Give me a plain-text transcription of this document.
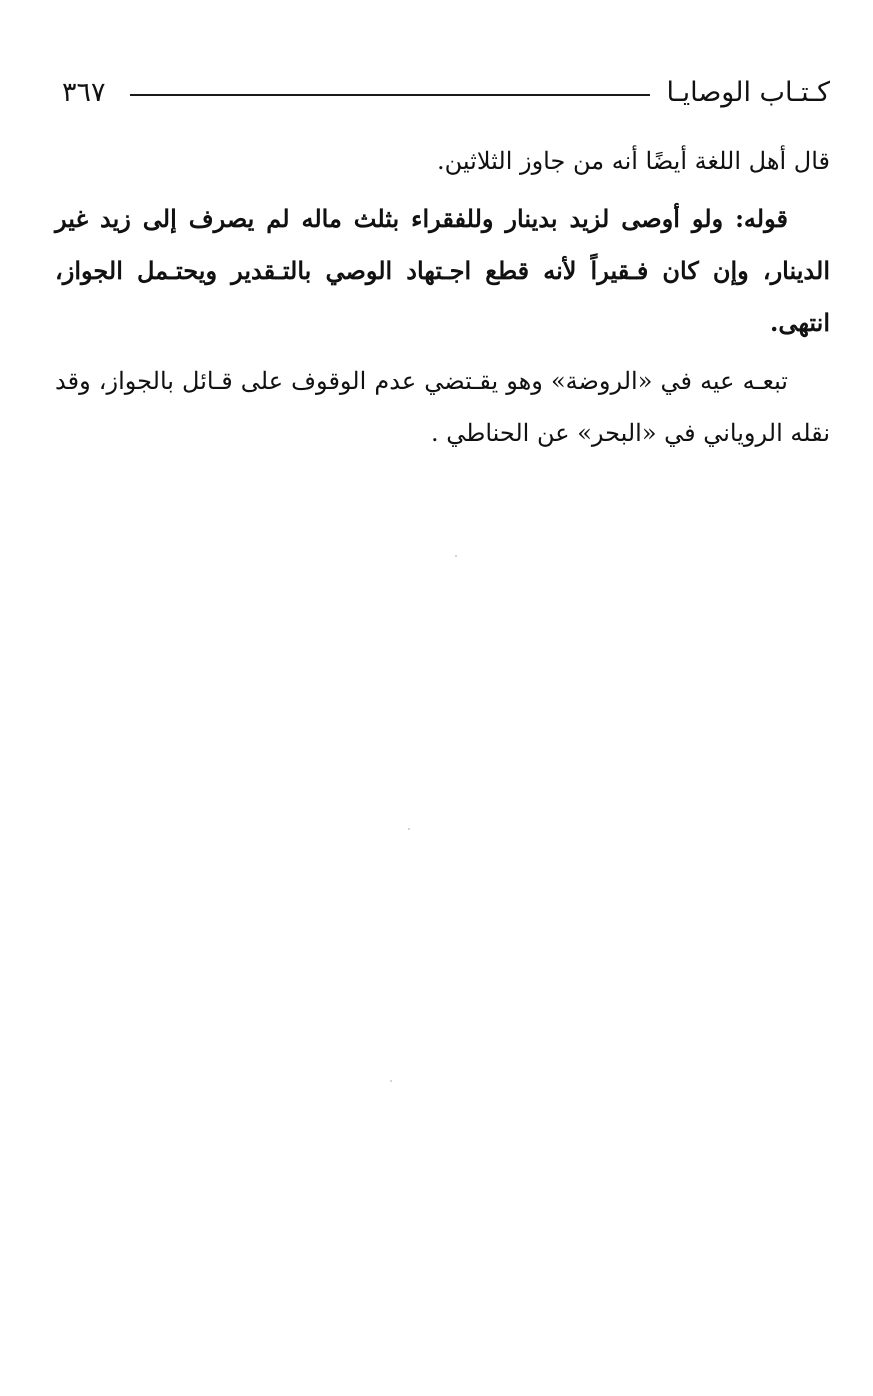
كـتـاب الوصايـا
٣٦٧

قال أهل اللغة أيضًا أنه من جاوز الثلاثين.

قوله: ولو أوصى لزيد بدينار وللفقراء بثلث ماله لم يصرف إلى زيد غير الدينار، وإن كان فـقيراً لأنه قطع اجـتهاد الوصي بالتـقدير ويحتـمل الجواز، انتهى.

تبعـه عيه في «الروضة» وهو يقـتضي عدم الوقوف على قـائل بالجواز، وقد نقله الروياني في «البحر» عن الحناطي .
